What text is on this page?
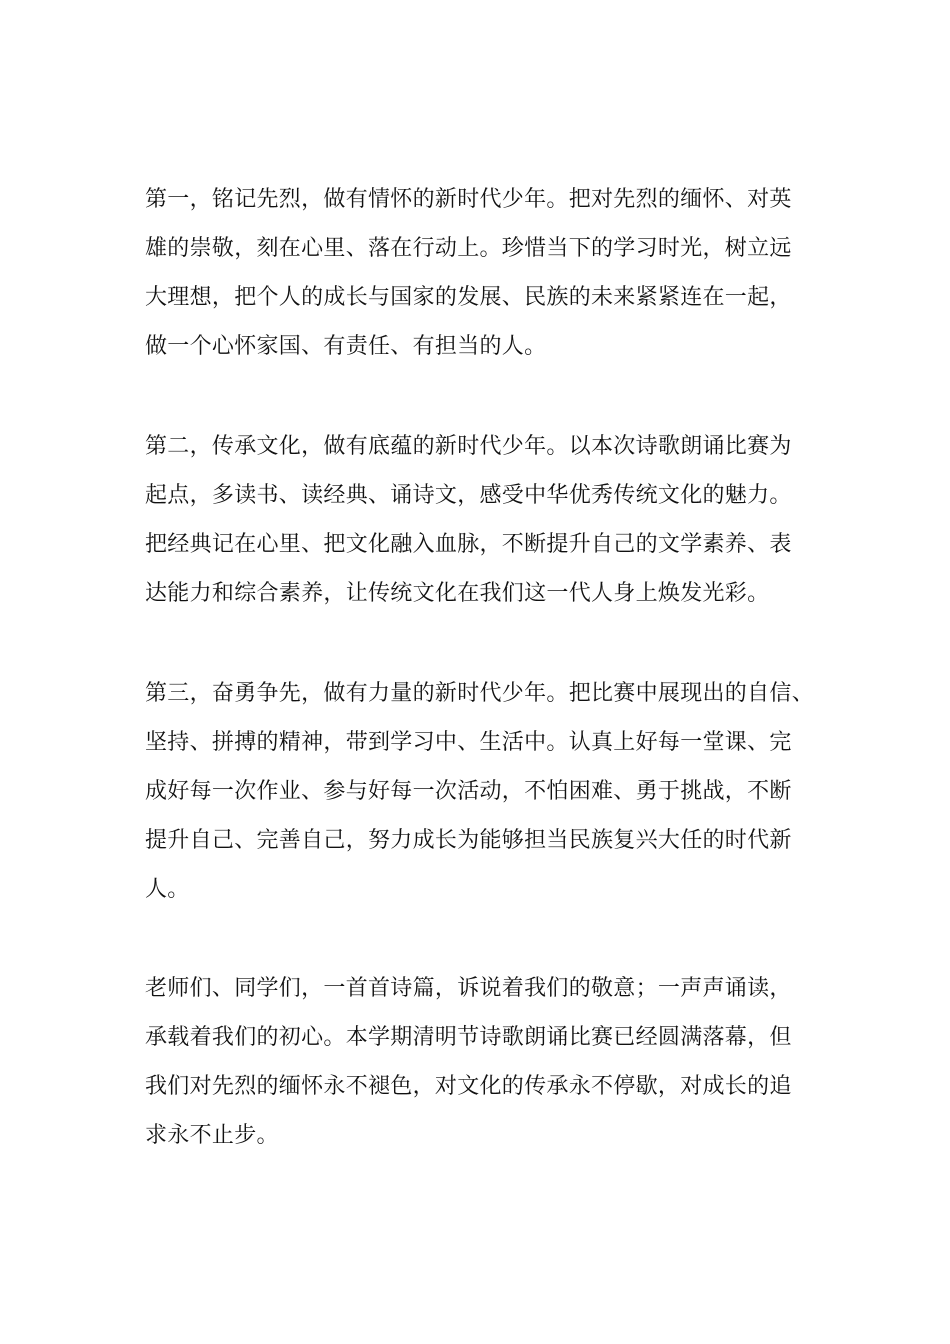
第一，铭记先烈，做有情怀的新时代少年。把对先烈的缅怀、对英
雄的崇敬，刻在心里、落在行动上。珍惜当下的学习时光，树立远
大理想，把个人的成长与国家的发展、民族的未来紧紧连在一起，
做一个心怀家国、有责任、有担当的人。
第二，传承文化，做有底蕴的新时代少年。以本次诗歌朗诵比赛为
起点，多读书、读经典、诵诗文，感受中华优秀传统文化的魅力。
把经典记在心里、把文化融入血脉，不断提升自己的文学素养、表
达能力和综合素养，让传统文化在我们这一代人身上焕发光彩。
第三，奋勇争先，做有力量的新时代少年。把比赛中展现出的自信、
坚持、拼搏的精神，带到学习中、生活中。认真上好每一堂课、完
成好每一次作业、参与好每一次活动，不怕困难、勇于挑战，不断
提升自己、完善自己，努力成长为能够担当民族复兴大任的时代新
人。
老师们、同学们，一首首诗篇，诉说着我们的敬意；一声声诵读，
承载着我们的初心。本学期清明节诗歌朗诵比赛已经圆满落幕，但
我们对先烈的缅怀永不褪色，对文化的传承永不停歇，对成长的追
求永不止步。
